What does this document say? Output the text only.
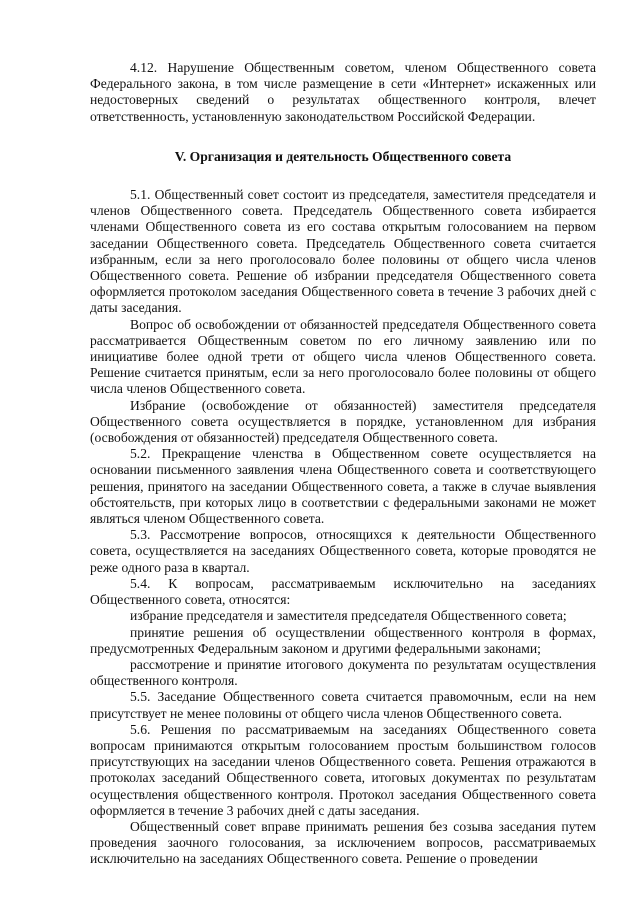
4.12. Нарушение Общественным советом, членом Общественного совета Федерального закона, в том числе размещение в сети «Интернет» искаженных или недостоверных сведений о результатах общественного контроля, влечет ответственность, установленную законодательством Российской Федерации.

V. Организация и деятельность Общественного совета

5.1. Общественный совет состоит из председателя, заместителя председателя и членов Общественного совета. Председатель Общественного совета избирается членами Общественного совета из его состава открытым голосованием на первом заседании Общественного совета. Председатель Общественного совета считается избранным, если за него проголосовало более половины от общего числа членов Общественного совета. Решение об избрании председателя Общественного совета оформляется протоколом заседания Общественного совета в течение 3 рабочих дней с даты заседания.

Вопрос об освобождении от обязанностей председателя Общественного совета рассматривается Общественным советом по его личному заявлению или по инициативе более одной трети от общего числа членов Общественного совета. Решение считается принятым, если за него проголосовало более половины от общего числа членов Общественного совета.

Избрание (освобождение от обязанностей) заместителя председателя Общественного совета осуществляется в порядке, установленном для избрания (освобождения от обязанностей) председателя Общественного совета.

5.2. Прекращение членства в Общественном совете осуществляется на основании письменного заявления члена Общественного совета и соответствующего решения, принятого на заседании Общественного совета, а также в случае выявления обстоятельств, при которых лицо в соответствии с федеральными законами не может являться членом Общественного совета.

5.3. Рассмотрение вопросов, относящихся к деятельности Общественного совета, осуществляется на заседаниях Общественного совета, которые проводятся не реже одного раза в квартал.

5.4. К вопросам, рассматриваемым исключительно на заседаниях Общественного совета, относятся:

избрание председателя и заместителя председателя Общественного совета;

принятие решения об осуществлении общественного контроля в формах, предусмотренных Федеральным законом и другими федеральными законами;

рассмотрение и принятие итогового документа по результатам осуществления общественного контроля.

5.5. Заседание Общественного совета считается правомочным, если на нем присутствует не менее половины от общего числа членов Общественного совета.

5.6. Решения по рассматриваемым на заседаниях Общественного совета вопросам принимаются открытым голосованием простым большинством голосов присутствующих на заседании членов Общественного совета. Решения отражаются в протоколах заседаний Общественного совета, итоговых документах по результатам осуществления общественного контроля. Протокол заседания Общественного совета оформляется в течение 3 рабочих дней с даты заседания.

Общественный совет вправе принимать решения без созыва заседания путем проведения заочного голосования, за исключением вопросов, рассматриваемых исключительно на заседаниях Общественного совета. Решение о проведении
